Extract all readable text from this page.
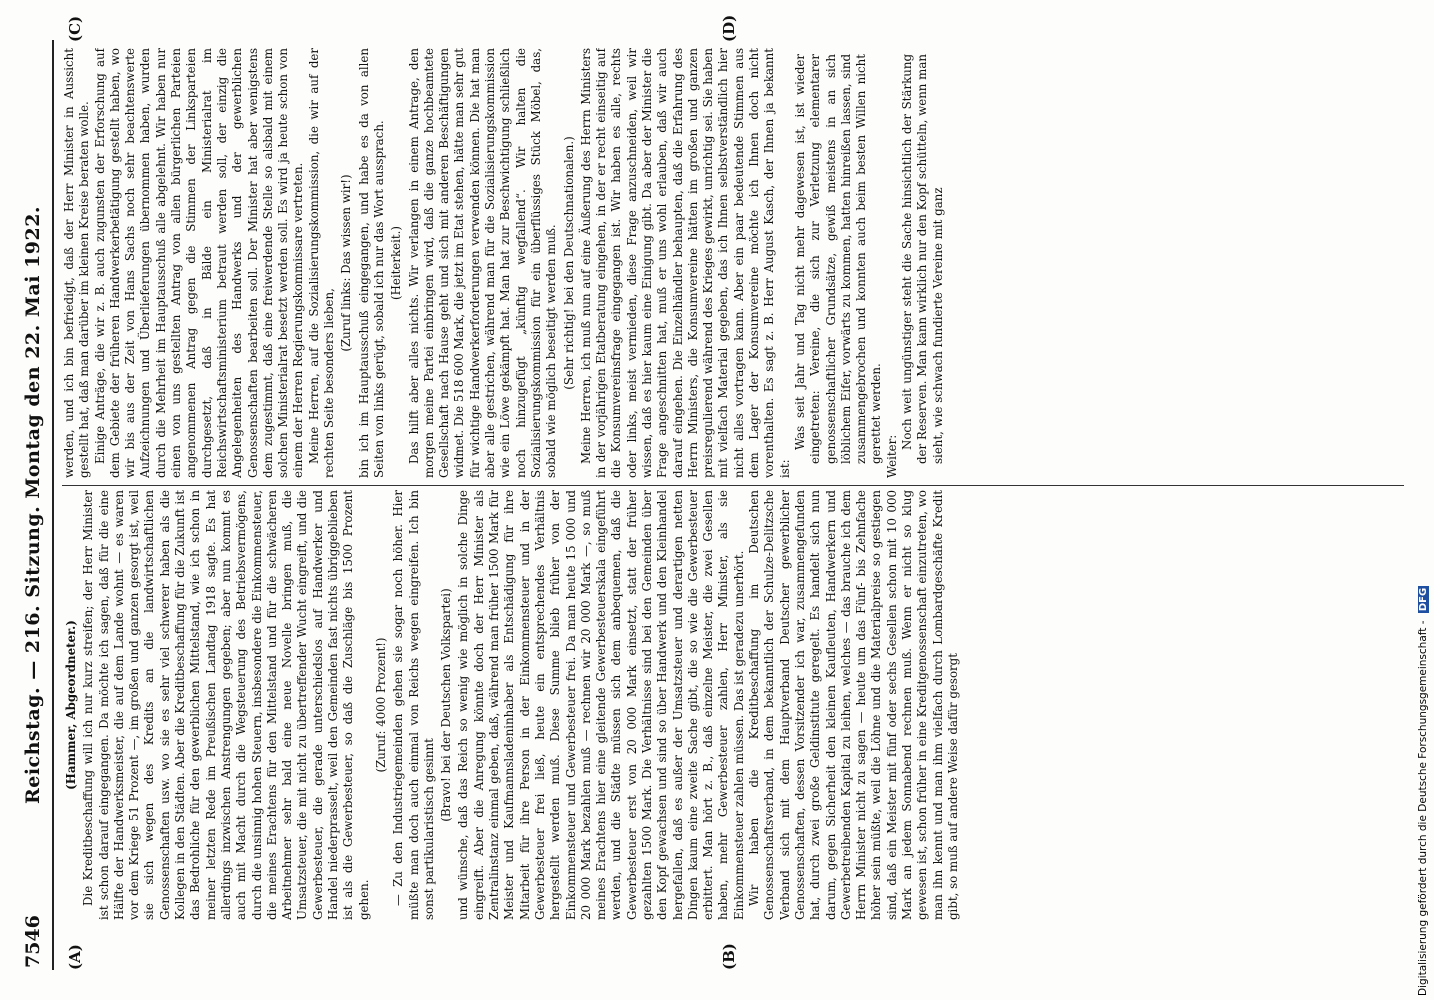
7546
Reichstag. — 216. Sitzung. Montag den 22. Mai 1922.
(A)	(B)
(C)	(D)

(Hammer, Abgeordneter.) Die Kreditbeschaffung will ich nur kurz streifen; der Herr Minister ist schon darauf eingegangen. Da möchte ich sagen, daß für die eine Hälfte der Handwerksmeister, die auf dem Lande wohnt — es waren vor dem Kriege 51 Prozent —, im großen und ganzen gesorgt ist, weil sie sich wegen des Kredits an die landwirtschaftlichen Genossenschaften usw. wo sie es sehr viel schwerer haben als die Kollegen in den Städten. Aber die Kreditbeschaffung für die Zukunft ist das Bedrohliche für den gewerblichen Mittelstand, wie ich schon in meiner letzten Rede im Preußischen Landtag 1918 sagte. Es hat allerdings inzwischen Anstrengungen gegeben; aber nun kommt es auch mit Macht durch die Wegsteuerung des Betriebsvermögens, durch die unsinnig hohen Steuern, insbesondere die Einkommensteuer, die meines Erachtens für den Mittelstand und für die schwächeren Arbeitnehmer sehr bald eine neue Novelle bringen muß, die Umsatzsteuer, die mit nicht zu übertreffender Wucht eingreift, und die Gewerbesteuer, die gerade unterschiedslos auf Handwerker und Handel niederprasselt, weil den Gemeinden fast nichts übriggeblieben ist als die Gewerbesteuer, so daß die Zuschläge bis 1500 Prozent gehen.

(Zuruf: 4000 Prozent!) — Zu den Industriegemeinden gehen sie sogar noch höher. Hier müßte man doch auch einmal von Reichs wegen eingreifen. Ich bin sonst partikularistisch gesinnt

(Bravo! bei der Deutschen Volkspartei) und wünsche, daß das Reich so wenig wie möglich in solche Dinge eingreift. Aber die Anregung könnte doch der Herr Minister als Zentralinstanz einmal geben, daß, während man früher 1500 Mark für Meister und Kaufmannsladeninhaber als Entschädigung für ihre Mitarbeit für ihre Person in der Einkommensteuer und in der Gewerbesteuer frei ließ, heute ein entsprechendes Verhältnis hergestellt werden muß. Diese Summe blieb früher von der Einkommensteuer und Gewerbesteuer frei. Da man heute 15 000 und 20 000 Mark bezahlen muß — rechnen wir 20 000 Mark —, so muß meines Erachtens hier eine gleitende Gewerbesteuerskala eingeführt werden, und die Städte müssen sich dem anbequemen, daß die Gewerbesteuer erst von 20 000 Mark einsetzt, statt der früher gezahlten 1500 Mark. Die Verhältnisse sind bei den Gemeinden über den Kopf gewachsen und sind so über Handwerk und den Kleinhandel hergefallen, daß es außer der Umsatzsteuer und derartigen netten Dingen kaum eine zweite Sache gibt, die so wie die Gewerbesteuer erbittert. Man hört z. B., daß einzelne Meister, die zwei Gesellen haben, mehr Gewerbesteuer zahlen, Herr Minister, als sie Einkommensteuer zahlen müssen. Das ist geradezu unerhört. Wir haben die Kreditbeschaffung im Deutschen Genossenschaftsverband, in dem bekanntlich der Schulze-Delitzsche Verband sich mit dem Hauptverband Deutscher gewerblicher Genossenschaften, dessen Vorsitzender ich war, zusammengefunden hat, durch zwei große Geldinstitute geregelt. Es handelt sich nun darum, gegen Sicherheit den kleinen Kaufleuten, Handwerkern und Gewerbetreibenden Kapital zu leihen, welches — das brauche ich dem Herrn Minister nicht zu sagen — heute um das Fünf- bis Zehnfache höher sein müßte, weil die Löhne und die Materialpreise so gestiegen sind, daß ein Meister mit fünf oder sechs Gesellen schon mit 10 000 Mark an jedem Sonnabend rechnen muß. Wenn er nicht so klug gewesen ist, schon früher in eine Kreditgenossenschaft einzutreten, wo man ihn kennt und man ihm vielfach durch Lombardgeschäfte Kredit gibt, so muß auf andere Weise dafür gesorgt

werden, und ich bin befriedigt, daß der Herr Minister in Aussicht gestellt hat, daß man darüber im kleinen Kreise beraten wolle. Einige Anträge, die wir z. B. auch zugunsten der Erforschung auf dem Gebiete der früheren Handwerkerbetätigung gestellt haben, wo wir bis aus der Zeit von Hans Sachs noch sehr beachtenswerte Aufzeichnungen und Überlieferungen übernommen haben, wurden durch die Mehrheit im Hauptausschuß alle abgelehnt. Wir haben nur einen von uns gestellten Antrag von allen bürgerlichen Parteien angenommenen Antrag gegen die Stimmen der Linksparteien durchgesetzt, daß in Bälde ein Ministerialrat im Reichswirtschaftsministerium betraut werden soll, der einzig die Angelegenheiten des Handwerks und der gewerblichen Genossenschaften bearbeiten soll. Der Minister hat aber wenigstens dem zugestimmt, daß eine freiwerdende Stelle so alsbald mit einem solchen Ministerialrat besetzt werden soll. Es wird ja heute schon von einem der Herren Regierungskommissare vertreten. Meine Herren, auf die Sozialisierungskommission, die wir auf der rechten Seite besonders lieben,

(Zuruf links: Das wissen wir!) bin ich im Hauptausschuß eingegangen, und habe es da von allen Seiten von links gerügt, sobald ich nur das Wort aussprach. (Heiterkeit.) Das hilft aber alles nichts. Wir verlangen in einem Antrage, den morgen meine Partei einbringen wird, daß die ganze hochbeamtete Gesellschaft nach Hause geht und sich mit anderen Beschäftigungen widmet. Die 518 600 Mark, die jetzt im Etat stehen, hätte man sehr gut für wichtige Handwerkerforderungen verwenden können. Die hat man aber alle gestrichen, während man für die Sozialisierungskommission wie ein Löwe gekämpft hat. Man hat zur Beschwichtigung schließlich noch hinzugefügt „künftig wegfallend“. Wir halten die Sozialisierungskommission für ein überflüssiges Stück Möbel, das, sobald wie möglich beseitigt werden muß. (Sehr richtig! bei den Deutschnationalen.) Meine Herren, ich muß nun auf eine Äußerung des Herrn Ministers in der vorjährigen Etatberatung eingehen, in der er recht einseitig auf die Konsumvereinsfrage eingegangen ist. Wir haben es alle, rechts oder links, meist vermieden, diese Frage anzuschneiden, weil wir wissen, daß es hier kaum eine Einigung gibt. Da aber der Minister die Frage angeschnitten hat, muß er uns wohl erlauben, daß wir auch darauf eingehen. Die Einzelhändler behaupten, daß die Erfahrung des Herrn Ministers, die Konsumvereine hätten im großen und ganzen preisregulierend während des Krieges gewirkt, unrichtig sei. Sie haben mit vielfach Material gegeben, das ich Ihnen selbstverständlich hier nicht alles vortragen kann. Aber ein paar bedeutende Stimmen aus dem Lager der Konsumvereine möchte ich Ihnen doch nicht vorenthalten. Es sagt z. B. Herr August Kasch, der Ihnen ja bekannt ist:

Was seit Jahr und Tag nicht mehr dagewesen ist, ist wieder eingetreten: Vereine, die sich zur Verletzung elementarer genossenschaftlicher Grundsätze, gewiß meistens in an sich löblichem Eifer, vorwärts zu kommen, hatten hinreißen lassen, sind zusammengebrochen und konnten auch beim besten Willen nicht gerettet werden. Weiter:

Noch weit ungünstiger steht die Sache hinsichtlich der Stärkung der Reserven. Man kann wirklich nur den Kopf schütteln, wenn man sieht, wie schwach fundierte Vereine mit ganz

Digitalisierung gefördert durch die Deutsche Forschungsgemeinschaft - DFG
